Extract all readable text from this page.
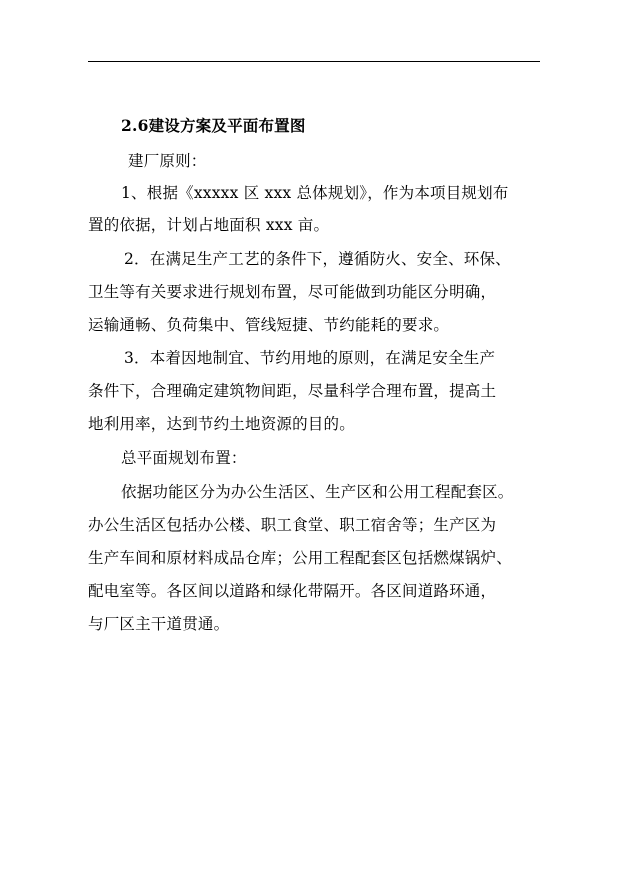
2.6建设方案及平面布置图
建厂原则：
1、根据《xxxxx 区 xxx 总体规划》，作为本项目规划布
置的依据，计划占地面积 xxx 亩。
2．在满足生产工艺的条件下，遵循防火、安全、环保、
卫生等有关要求进行规划布置，尽可能做到功能区分明确，
运输通畅、负荷集中、管线短捷、节约能耗的要求。
3．本着因地制宜、节约用地的原则，在满足安全生产
条件下，合理确定建筑物间距，尽量科学合理布置，提高土
地利用率，达到节约土地资源的目的。
总平面规划布置：
依据功能区分为办公生活区、生产区和公用工程配套区。
办公生活区包括办公楼、职工食堂、职工宿舍等；生产区为
生产车间和原材料成品仓库；公用工程配套区包括燃煤锅炉、
配电室等。各区间以道路和绿化带隔开。各区间道路环通，
与厂区主干道贯通。
